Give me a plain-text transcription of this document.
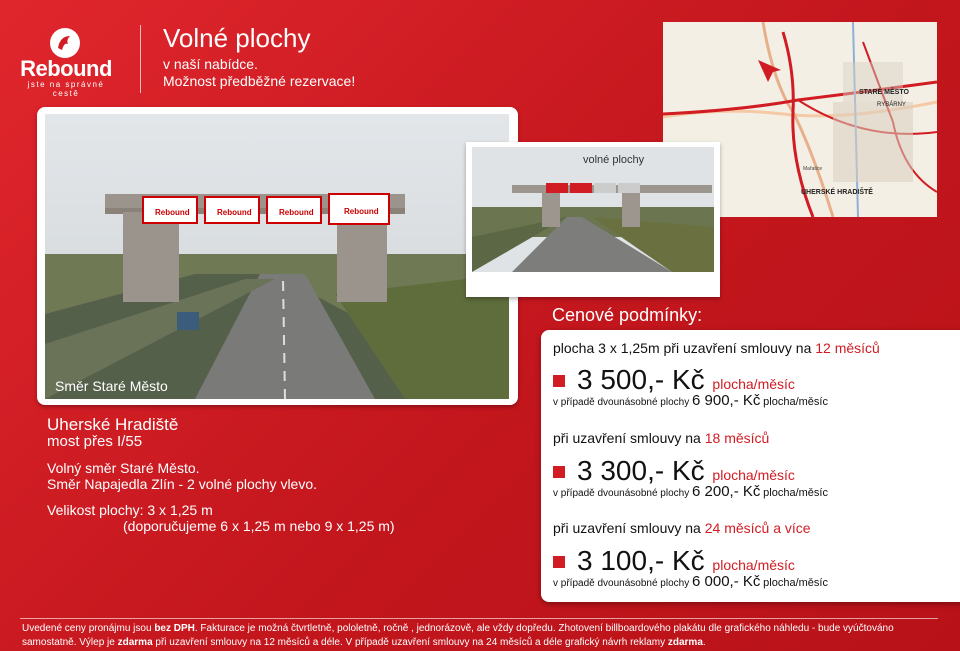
Rebound
jste na správné cestě
Volné plochy
v naší nabídce.
Možnost předběžné rezervace!
STARÉ MĚSTO
RYBÁRNY
UHERSKÉ HRADIŠTĚ
Mařatice
Rebound	Rebound	Rebound	Rebound
Směr Staré Město
volné plochy
Směr Napajedla
Uherské Hradiště
most přes I/55
Volný směr Staré Město.
Směr Napajedla Zlín - 2 volné plochy vlevo.
Velikost plochy: 3 x 1,25 m
(doporučujeme 6 x 1,25 m nebo 9 x 1,25 m)
Cenové podmínky:
plocha 3 x 1,25m při uzavření smlouvy na 12 měsíců
3 500,- Kč plocha/měsíc
v případě dvounásobné plochy 6 900,- Kč plocha/měsíc
při uzavření smlouvy na 18 měsíců
3 300,- Kč plocha/měsíc
v případě dvounásobné plochy 6 200,- Kč plocha/měsíc
při uzavření smlouvy na 24 měsíců a více
3 100,- Kč plocha/měsíc
v případě dvounásobné plochy 6 000,- Kč plocha/měsíc
Uvedené ceny pronájmu jsou bez DPH. Fakturace je možná čtvrtletně, pololetně, ročně , jednorázově, ale vždy dopředu. Zhotovení billboardového plakátu dle grafického náhledu - bude vyúčtováno
samostatně. Výlep je zdarma při uzavření smlouvy na 12 měsíců a déle. V případě uzavření smlouvy na 24 měsíců a déle grafický návrh reklamy zdarma.
